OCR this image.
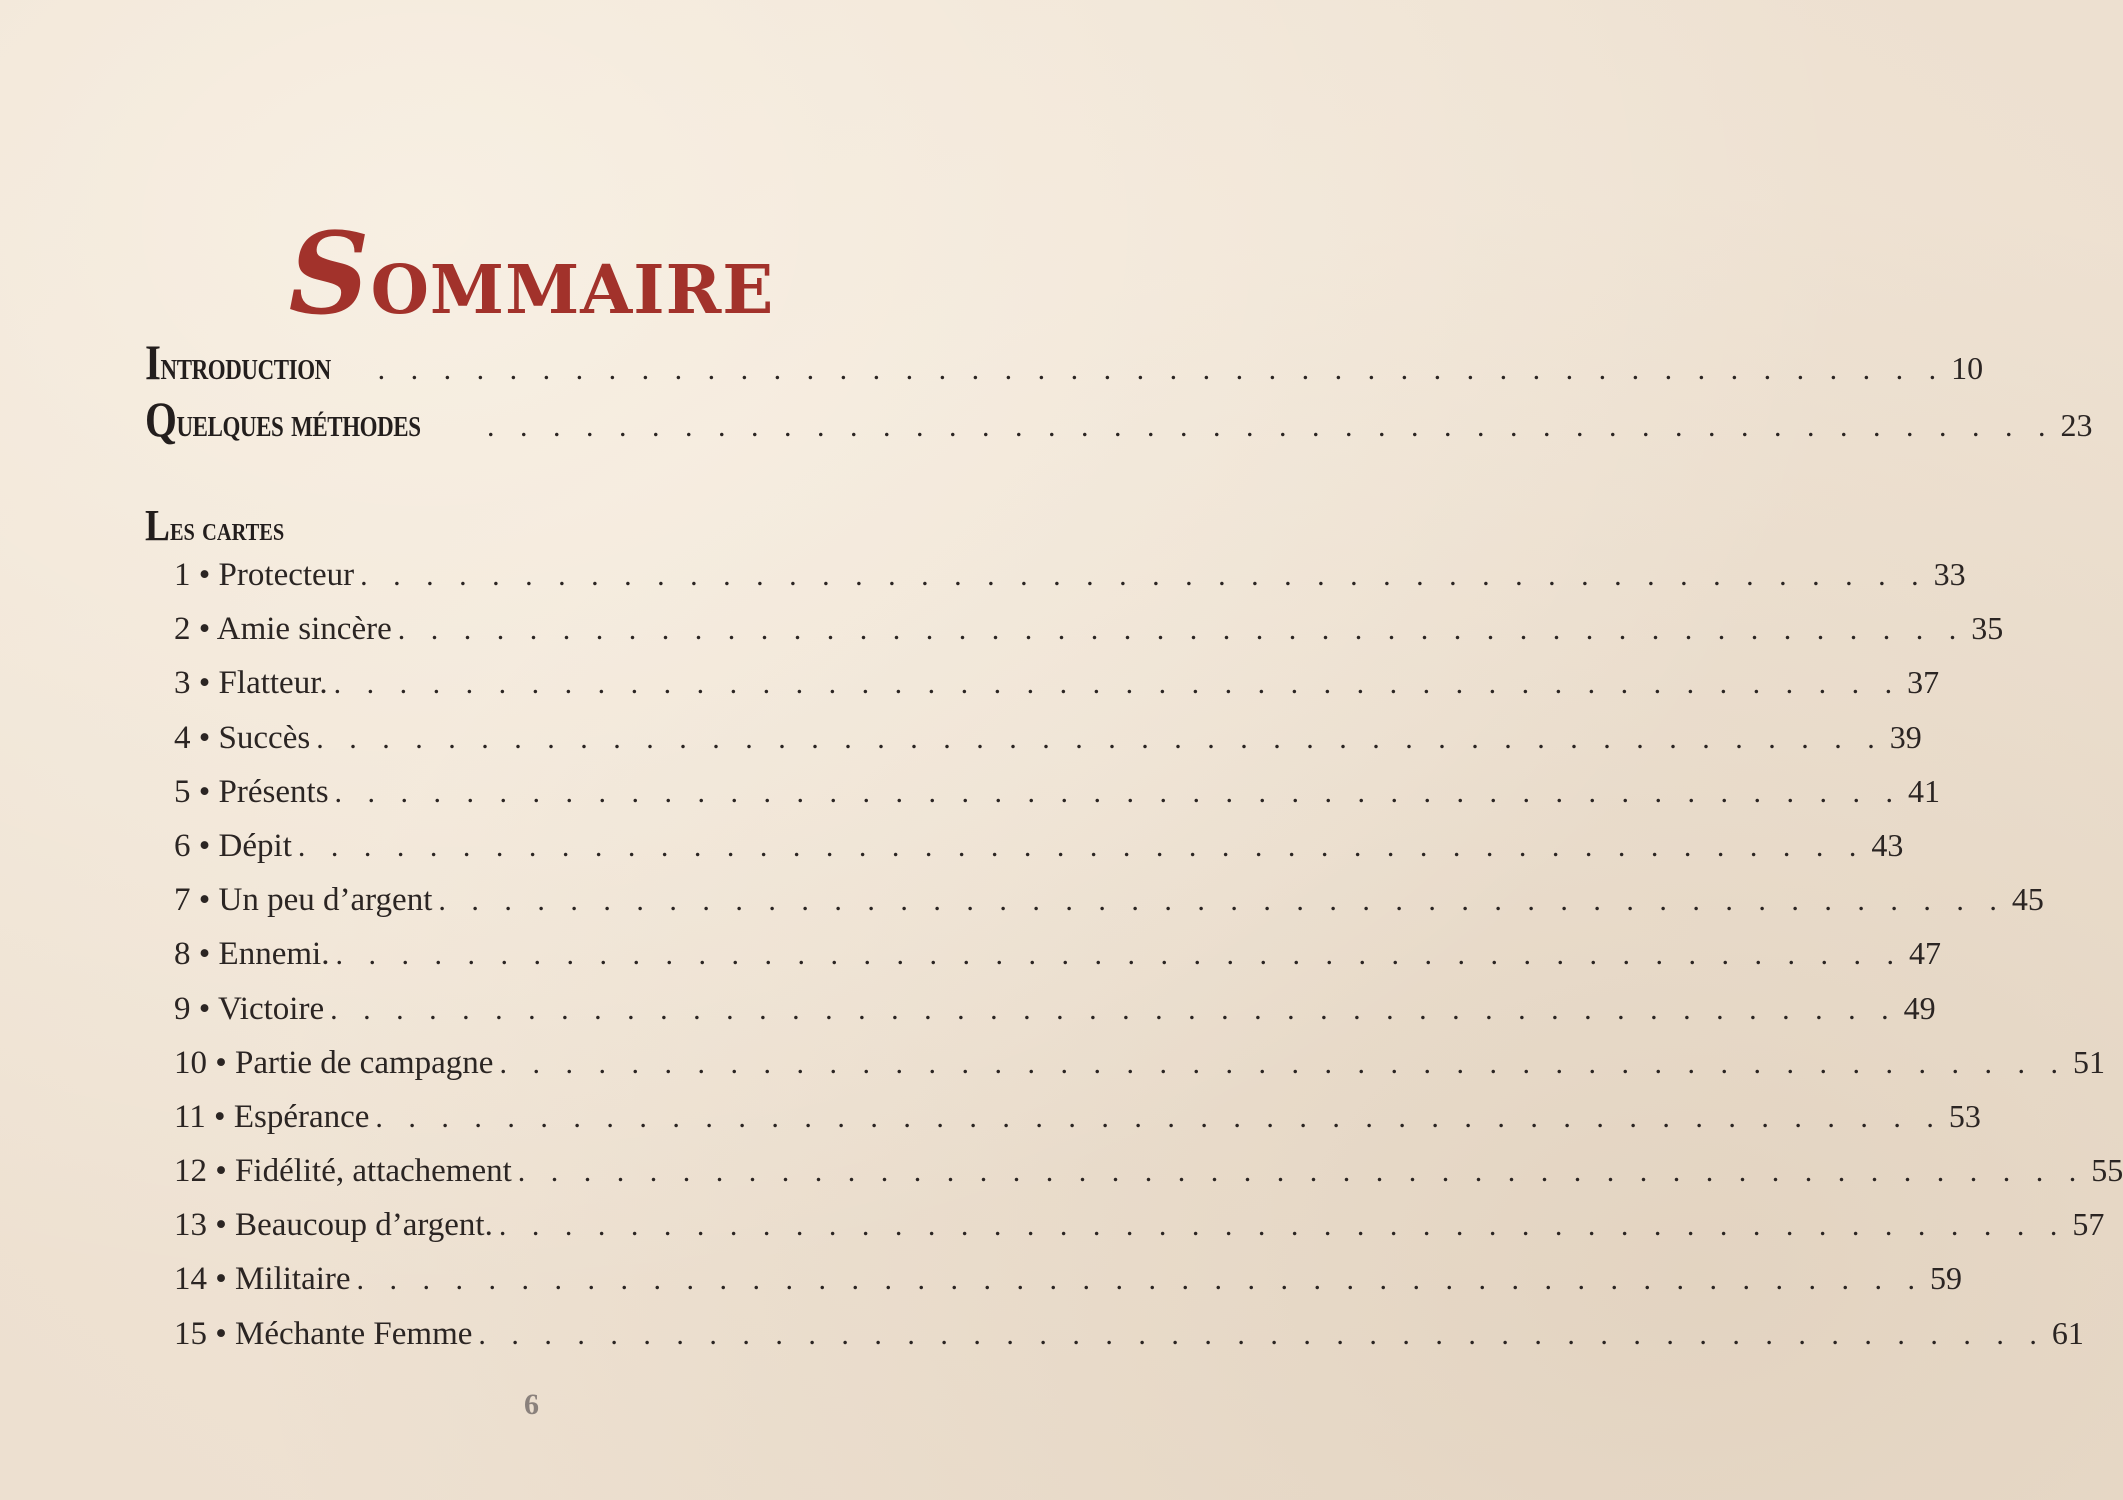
Sommaire
Introduction . . . . . . . . . . . . . . . . . . . . . . . . . . . . . . . . . . . . . . . . . . . . . . . . 10
Quelques méthodes . . . . . . . . . . . . . . . . . . . . . . . . . . . . . . . . . . . . . . . . . . . . . . . . 23
Les cartes
1 • Protecteur . . . . . . . . . . . . . . . . . . . . . . . . . . . . . . . . . . . . . . . . . . . . . . . . 33
2 • Amie sincère . . . . . . . . . . . . . . . . . . . . . . . . . . . . . . . . . . . . . . . . . . . . . . . . 35
3 • Flatteur. . . . . . . . . . . . . . . . . . . . . . . . . . . . . . . . . . . . . . . . . . . . . . . . . 37
4 • Succès . . . . . . . . . . . . . . . . . . . . . . . . . . . . . . . . . . . . . . . . . . . . . . . . 39
5 • Présents . . . . . . . . . . . . . . . . . . . . . . . . . . . . . . . . . . . . . . . . . . . . . . . . 41
6 • Dépit . . . . . . . . . . . . . . . . . . . . . . . . . . . . . . . . . . . . . . . . . . . . . . . . 43
7 • Un peu d’argent . . . . . . . . . . . . . . . . . . . . . . . . . . . . . . . . . . . . . . . . . . . . . . . . 45
8 • Ennemi. . . . . . . . . . . . . . . . . . . . . . . . . . . . . . . . . . . . . . . . . . . . . . . . . 47
9 • Victoire . . . . . . . . . . . . . . . . . . . . . . . . . . . . . . . . . . . . . . . . . . . . . . . . 49
10 • Partie de campagne . . . . . . . . . . . . . . . . . . . . . . . . . . . . . . . . . . . . . . . . . . . . . . . . 51
11 • Espérance . . . . . . . . . . . . . . . . . . . . . . . . . . . . . . . . . . . . . . . . . . . . . . . . 53
12 • Fidélité, attachement . . . . . . . . . . . . . . . . . . . . . . . . . . . . . . . . . . . . . . . . . . . . . . . . 55
13 • Beaucoup d’argent. . . . . . . . . . . . . . . . . . . . . . . . . . . . . . . . . . . . . . . . . . . . . . . . . 57
14 • Militaire . . . . . . . . . . . . . . . . . . . . . . . . . . . . . . . . . . . . . . . . . . . . . . . . 59
15 • Méchante Femme . . . . . . . . . . . . . . . . . . . . . . . . . . . . . . . . . . . . . . . . . . . . . . . . 61
6
